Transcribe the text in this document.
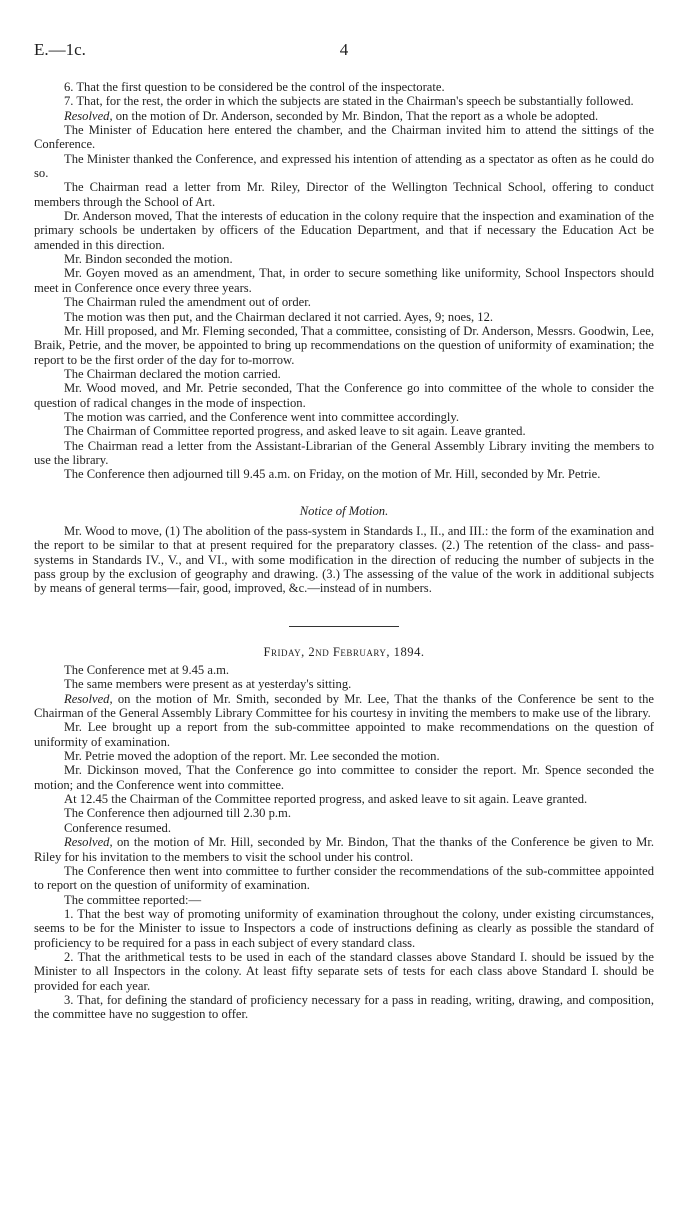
E.—1c.	4

6. That the first question to be considered be the control of the inspectorate.

7. That, for the rest, the order in which the subjects are stated in the Chairman's speech be substantially followed.

Resolved, on the motion of Dr. Anderson, seconded by Mr. Bindon, That the report as a whole be adopted.

The Minister of Education here entered the chamber, and the Chairman invited him to attend the sittings of the Conference.

The Minister thanked the Conference, and expressed his intention of attending as a spectator as often as he could do so.

The Chairman read a letter from Mr. Riley, Director of the Wellington Technical School, offering to conduct members through the School of Art.

Dr. Anderson moved, That the interests of education in the colony require that the inspection and examination of the primary schools be undertaken by officers of the Education Department, and that if necessary the Education Act be amended in this direction.

Mr. Bindon seconded the motion.

Mr. Goyen moved as an amendment, That, in order to secure something like uniformity, School Inspectors should meet in Conference once every three years.

The Chairman ruled the amendment out of order.

The motion was then put, and the Chairman declared it not carried. Ayes, 9; noes, 12.

Mr. Hill proposed, and Mr. Fleming seconded, That a committee, consisting of Dr. Anderson, Messrs. Goodwin, Lee, Braik, Petrie, and the mover, be appointed to bring up recommendations on the question of uniformity of examination; the report to be the first order of the day for to-morrow.

The Chairman declared the motion carried.

Mr. Wood moved, and Mr. Petrie seconded, That the Conference go into committee of the whole to consider the question of radical changes in the mode of inspection.

The motion was carried, and the Conference went into committee accordingly.

The Chairman of Committee reported progress, and asked leave to sit again. Leave granted.

The Chairman read a letter from the Assistant-Librarian of the General Assembly Library inviting the members to use the library.

The Conference then adjourned till 9.45 a.m. on Friday, on the motion of Mr. Hill, seconded by Mr. Petrie.

Notice of Motion.

Mr. Wood to move, (1) The abolition of the pass-system in Standards I., II., and III.: the form of the examination and the report to be similar to that at present required for the preparatory classes. (2.) The retention of the class- and pass-systems in Standards IV., V., and VI., with some modification in the direction of reducing the number of subjects in the pass group by the exclusion of geography and drawing. (3.) The assessing of the value of the work in additional subjects by means of general terms—fair, good, improved, &c.—instead of in numbers.

Friday, 2nd February, 1894.

The Conference met at 9.45 a.m.

The same members were present as at yesterday's sitting.

Resolved, on the motion of Mr. Smith, seconded by Mr. Lee, That the thanks of the Conference be sent to the Chairman of the General Assembly Library Committee for his courtesy in inviting the members to make use of the library.

Mr. Lee brought up a report from the sub-committee appointed to make recommendations on the question of uniformity of examination.

Mr. Petrie moved the adoption of the report. Mr. Lee seconded the motion.

Mr. Dickinson moved, That the Conference go into committee to consider the report. Mr. Spence seconded the motion; and the Conference went into committee.

At 12.45 the Chairman of the Committee reported progress, and asked leave to sit again. Leave granted.

The Conference then adjourned till 2.30 p.m.

Conference resumed.

Resolved, on the motion of Mr. Hill, seconded by Mr. Bindon, That the thanks of the Conference be given to Mr. Riley for his invitation to the members to visit the school under his control.

The Conference then went into committee to further consider the recommendations of the sub-committee appointed to report on the question of uniformity of examination.

The committee reported:—

1. That the best way of promoting uniformity of examination throughout the colony, under existing circumstances, seems to be for the Minister to issue to Inspectors a code of instructions defining as clearly as possible the standard of proficiency to be required for a pass in each subject of every standard class.

2. That the arithmetical tests to be used in each of the standard classes above Standard I. should be issued by the Minister to all Inspectors in the colony. At least fifty separate sets of tests for each class above Standard I. should be provided for each year.

3. That, for defining the standard of proficiency necessary for a pass in reading, writing, drawing, and composition, the committee have no suggestion to offer.
